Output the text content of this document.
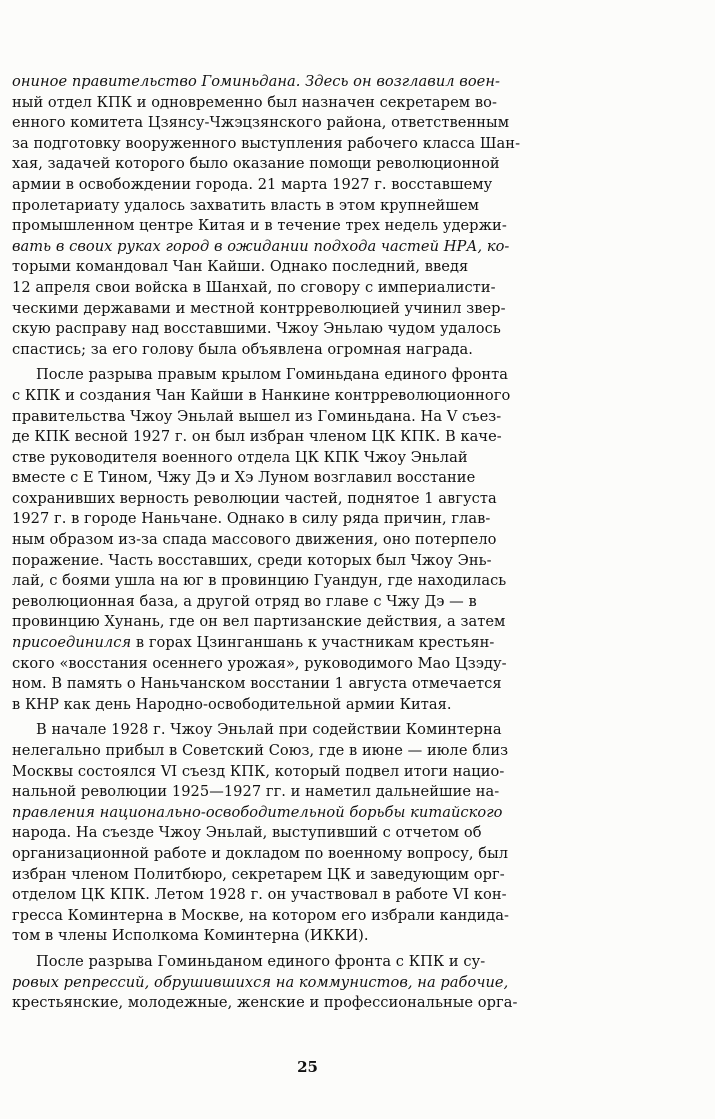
ониное правительство Гоминьдана. Здесь он возглавил воен-
ный отдел КПК и одновременно был назначен секретарем во-
енного комитета Цзянсу-Чжэцзянского района, ответственным
за подготовку вооруженного выступления рабочего класса Шан-
хая, задачей которого было оказание помощи революционной
армии в освобождении города. 21 марта 1927 г. восставшему
пролетариату удалось захватить власть в этом крупнейшем
промышленном центре Китая и в течение трех недель удержи-
вать в своих руках город в ожидании подхода частей НРА, ко-
торыми командовал Чан Кайши. Однако последний, введя
12 апреля свои войска в Шанхай, по сговору с империалисти-
ческими державами и местной контрреволюцией учинил звер-
скую расправу над восставшими. Чжоу Эньлаю чудом удалось
спастись; за его голову была объявлена огромная награда.
После разрыва правым крылом Гоминьдана единого фронта
с КПК и создания Чан Кайши в Нанкине контрреволюционного
правительства Чжоу Эньлай вышел из Гоминьдана. На V съез-
де КПК весной 1927 г. он был избран членом ЦК КПК. В каче-
стве руководителя военного отдела ЦК КПК Чжоу Эньлай
вместе с Е Тином, Чжу Дэ и Хэ Луном возглавил восстание
сохранивших верность революции частей, поднятое 1 августа
1927 г. в городе Наньчане. Однако в силу ряда причин, глав-
ным образом из-за спада массового движения, оно потерпело
поражение. Часть восставших, среди которых был Чжоу Энь-
лай, с боями ушла на юг в провинцию Гуандун, где находилась
революционная база, а другой отряд во главе с Чжу Дэ — в
провинцию Хунань, где он вел партизанские действия, а затем
присоединился в горах Цзинганшань к участникам крестьян-
ского «восстания осеннего урожая», руководимого Мао Цзэду-
ном. В память о Наньчанском восстании 1 августа отмечается
в КНР как день Народно-освободительной армии Китая.
В начале 1928 г. Чжоу Эньлай при содействии Коминтерна
нелегально прибыл в Советский Союз, где в июне — июле близ
Москвы состоялся VI съезд КПК, который подвел итоги нацио-
нальной революции 1925—1927 гг. и наметил дальнейшие на-
правления национально-освободительной борьбы китайского
народа. На съезде Чжоу Эньлай, выступивший с отчетом об
организационной работе и докладом по военному вопросу, был
избран членом Политбюро, секретарем ЦК и заведующим орг-
отделом ЦК КПК. Летом 1928 г. он участвовал в работе VI кон-
гресса Коминтерна в Москве, на котором его избрали кандида-
том в члены Исполкома Коминтерна (ИККИ).
После разрыва Гоминьданом единого фронта с КПК и су-
ровых репрессий, обрушившихся на коммунистов, на рабочие,
крестьянские, молодежные, женские и профессиональные орга-
25
